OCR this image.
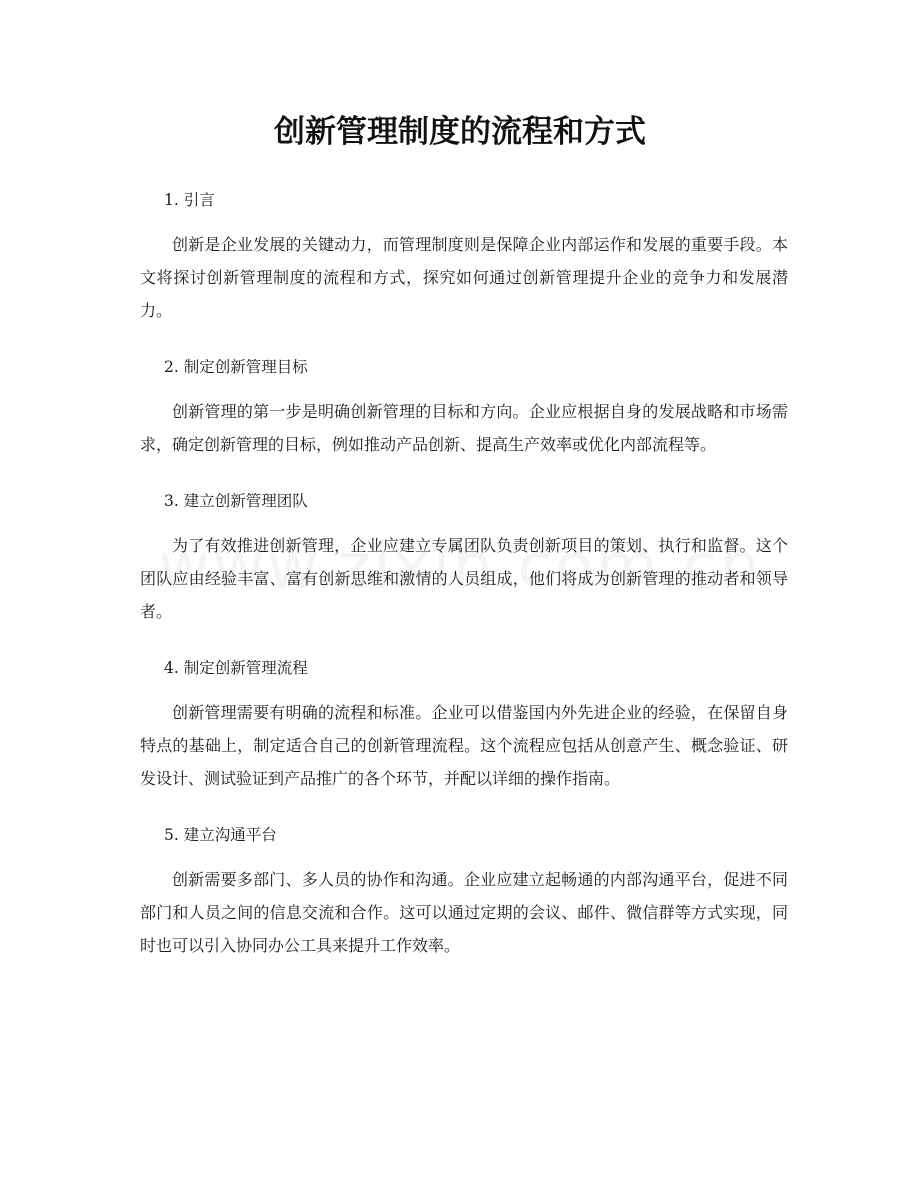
创新管理制度的流程和方式
1. 引言

创新是企业发展的关键动力，而管理制度则是保障企业内部运作和发展的重要手段。本文将探讨创新管理制度的流程和方式，探究如何通过创新管理提升企业的竞争力和发展潜力。

2. 制定创新管理目标

创新管理的第一步是明确创新管理的目标和方向。企业应根据自身的发展战略和市场需求，确定创新管理的目标，例如推动产品创新、提高生产效率或优化内部流程等。

3. 建立创新管理团队

为了有效推进创新管理，企业应建立专属团队负责创新项目的策划、执行和监督。这个团队应由经验丰富、富有创新思维和激情的人员组成，他们将成为创新管理的推动者和领导者。

4. 制定创新管理流程

创新管理需要有明确的流程和标准。企业可以借鉴国内外先进企业的经验，在保留自身特点的基础上，制定适合自己的创新管理流程。这个流程应包括从创意产生、概念验证、研发设计、测试验证到产品推广的各个环节，并配以详细的操作指南。

5. 建立沟通平台

创新需要多部门、多人员的协作和沟通。企业应建立起畅通的内部沟通平台，促进不同部门和人员之间的信息交流和合作。这可以通过定期的会议、邮件、微信群等方式实现，同时也可以引入协同办公工具来提升工作效率。
